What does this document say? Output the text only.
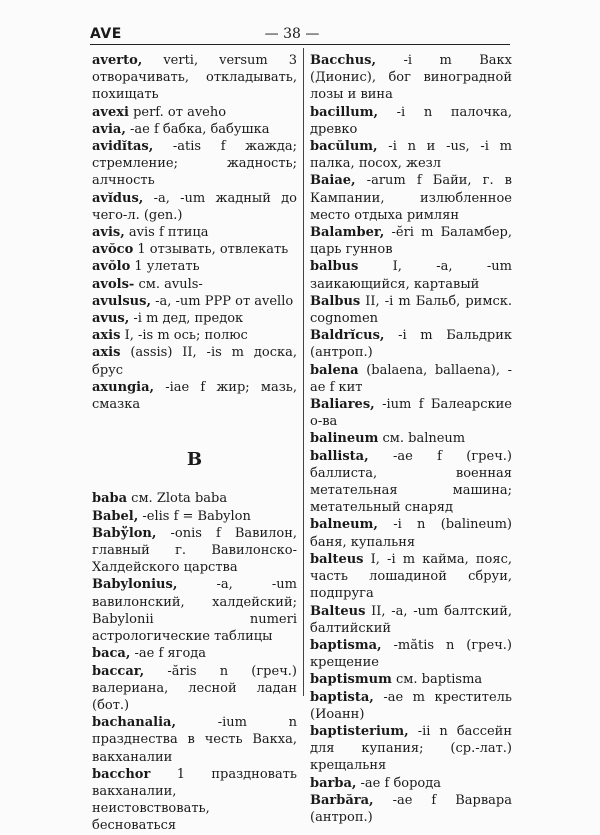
AVE	— 38 —

avertо, verti, versum 3 отворачивать, откладывать, похищать

avexi perf. от aveho

avia, -ae f бабка, бабушка

avidĭtas, -atis f жажда; стремление; жадность; алчность

avĭdus, -a, -um жадный до чего-л. (gen.)

avis, avis f птица

avŏco 1 отзывать, отвлекать

avŏlo 1 улетать

avols- см. avuls-

avulsus, -a, -um PPP от avello

avus, -i m дед, предок

axis I, -is m ось; полюс

axis (assis) II, -is m доска, брус

axungia, -iae f жир; мазь, смазка

B

baba см. Zlota baba

Babel, -elis f = Babylon

Babўlon, -onis f Вавилон, главный г. Вавилонско-Халдейского царства

Babylonius, -a, -um вавилонский, халдейский; Babylonii numeri астрологические таблицы

baca, -ae f ягода

baccar, -ăris n (греч.) валериана, лесной ладан (бот.)

bachanalia, -ium n празднества в честь Вакха, вакханалии

bacchor 1 праздновать вакханалии, неистовствовать, беснoваться

Bacchus, -i m Вакх (Дионис), бог виноградной лозы и вина

bacillum, -i n палочка, древко

bacŭlum, -i n и -us, -i m палка, посох, жезл

Baiae, -arum f Байи, г. в Кампании, излюбленное место отдыха римлян

Balamber, -ĕri m Баламбер, царь гуннов

balbus I, -a, -um заикающийся, картавый

Balbus II, -i m Бальб, римск. cognomen

Baldrĭcus, -i m Бальдрик (антроп.)

balena (balaena, ballaena), -ae f кит

Baliares, -ium f Балеарские о-ва

balineum см. balneum

ballista, -ae f (греч.) баллиста, военная метательная машина; метательный снаряд

balneum, -i n (balineum) баня, купальня

balteus I, -i m кайма, пояс, часть лошадиной сбруи, подпруга

Balteus II, -a, -um балтский, балтийский

baptisma, -mătis n (греч.) крещение

baptismum см. baptisma

baptista, -ae m креститель (Иоанн)

baptisterium, -ii n бассейн для купания; (ср.-лат.) крещальня

barba, -ae f борода

Barbăra, -ae f Варвара (антроп.)
